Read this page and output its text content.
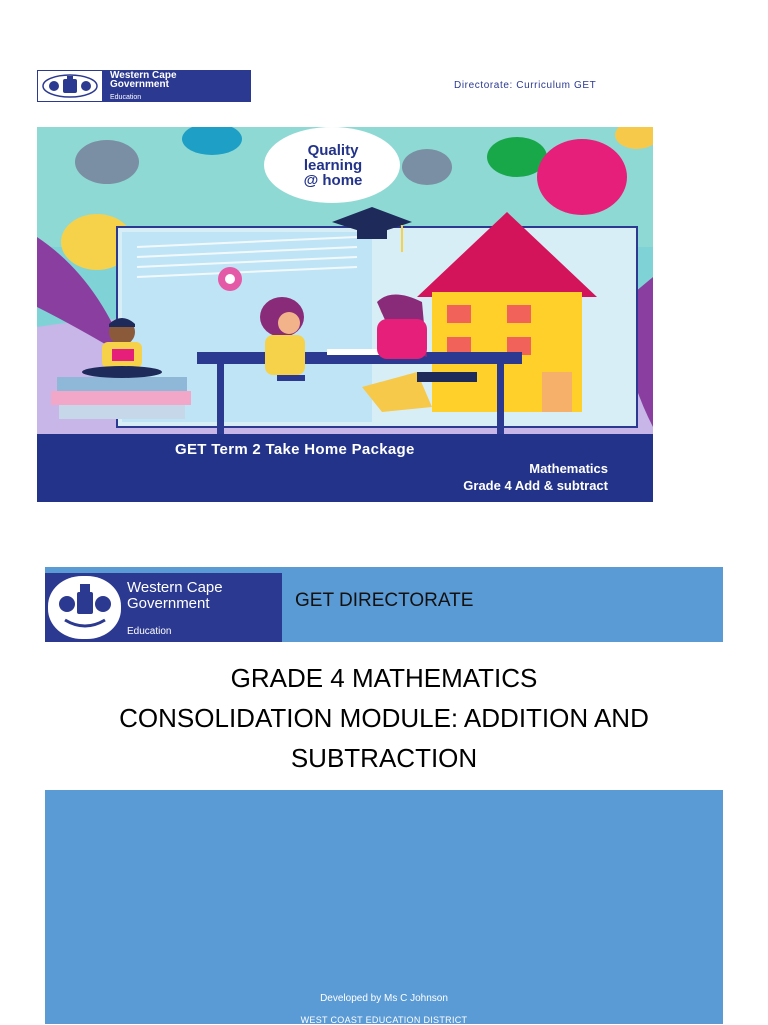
Western Cape
Government
Education
Directorate: Curriculum GET
Quality
learning
@ home
GET Term 2 Take Home Package
Mathematics
Grade 4 Add & subtract
Western Cape
Government
Education
GET DIRECTORATE
GRADE 4 MATHEMATICS
CONSOLIDATION MODULE: ADDITION AND
SUBTRACTION
Developed by Ms C Johnson
WEST COAST EDUCATION DISTRICT
